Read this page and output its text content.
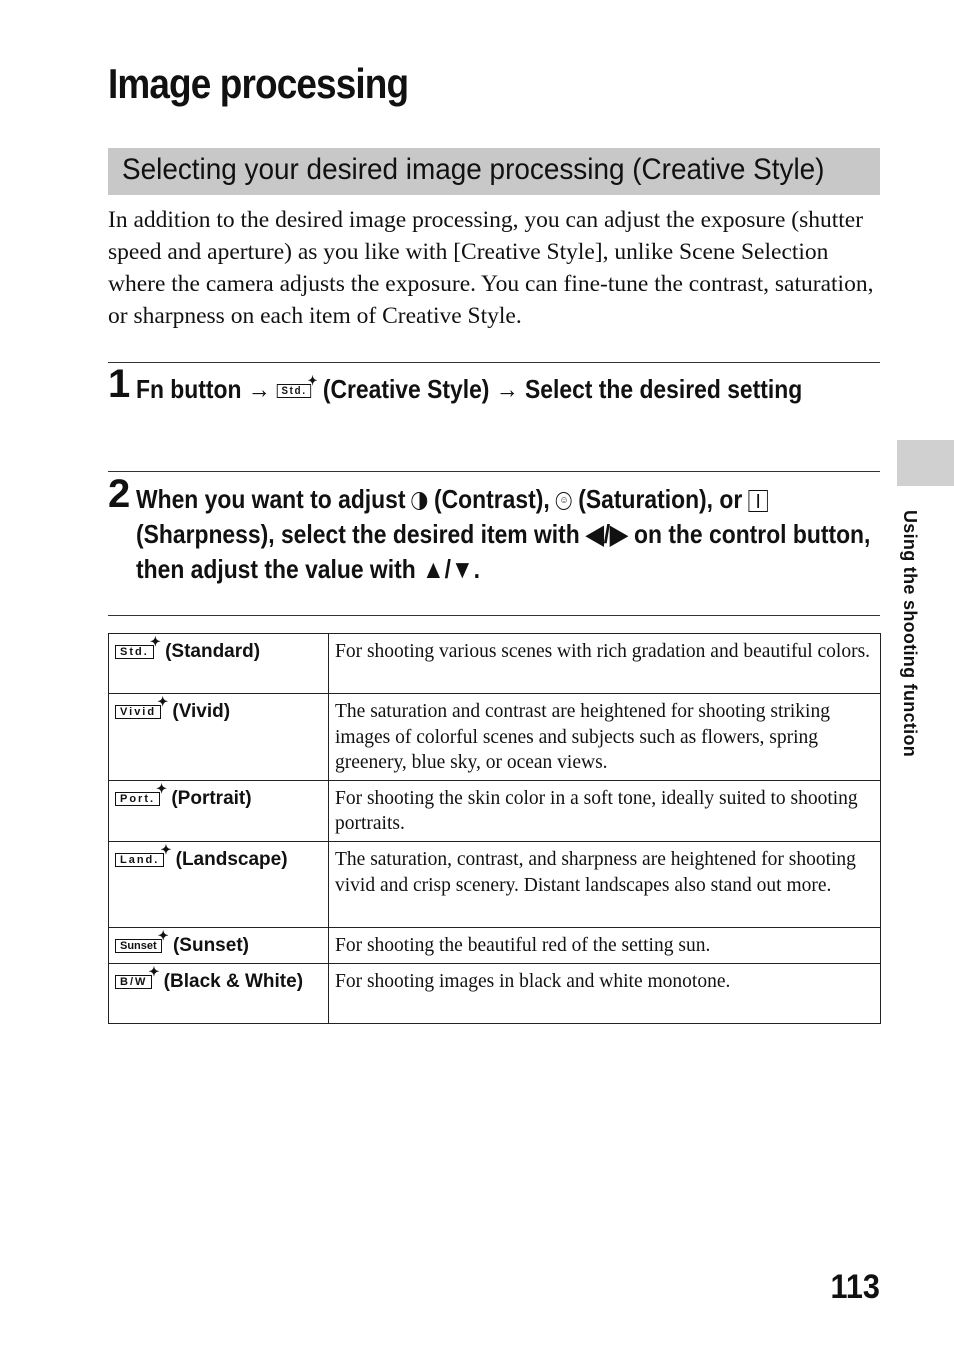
Image processing
Selecting your desired image processing (Creative Style)

In addition to the desired image processing, you can adjust the exposure (shutter speed and aperture) as you like with [Creative Style], unlike Scene Selection where the camera adjusts the exposure. You can fine-tune the contrast, saturation, or sharpness on each item of Creative Style.

1 Fn button → Std.
✦ (Creative Style) → Select the desired setting
2 When you want to adjust (Contrast), ☺ (Saturation), or  (Sharpness), select the desired item with ◀/▶ on the control button, then adjust the value with ▲/▼.
Std.
✦ (Standard)	For shooting various scenes with rich gradation and beautiful colors.
Vivid
✦ (Vivid)	The saturation and contrast are heightened for shooting striking images of colorful scenes and subjects such as flowers, spring greenery, blue sky, or ocean views.
Port.
✦ (Portrait)	For shooting the skin color in a soft tone, ideally suited to shooting portraits.
Land.
✦ (Landscape)	The saturation, contrast, and sharpness are heightened for shooting vivid and crisp scenery. Distant landscapes also stand out more.
Sunset
✦ (Sunset)	For shooting the beautiful red of the setting sun.
B/W
✦ (Black & White)	For shooting images in black and white monotone.
Using the shooting function
113
